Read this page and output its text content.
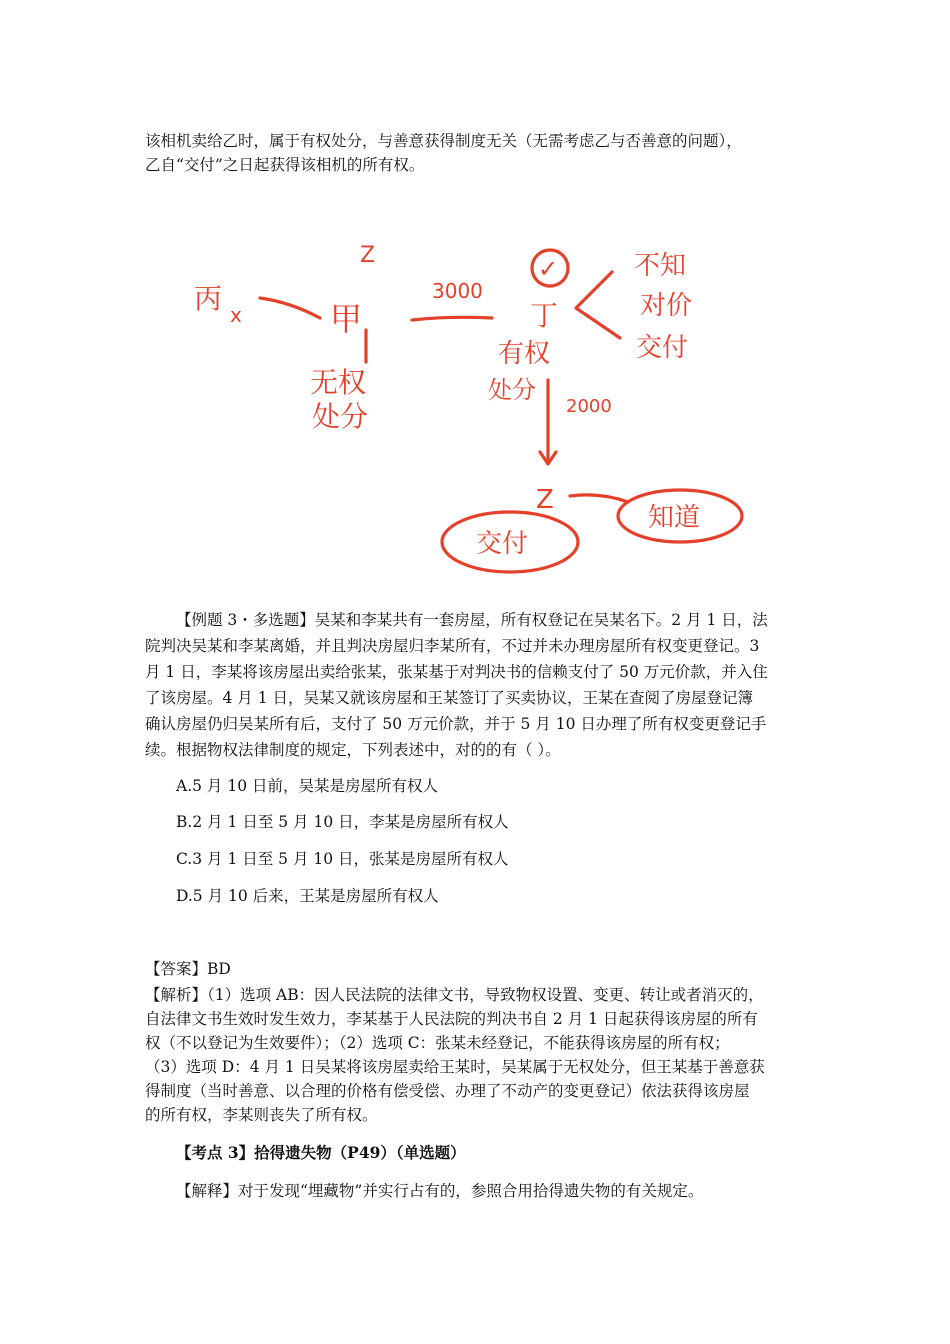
该相机卖给乙时，属于有权处分，与善意获得制度无关（无需考虑乙与否善意的问题），

乙自“交付”之日起获得该相机的所有权。

Z
丙 x	甲
3000
✓
丁
不知
对价
交付
无权
处分
有权
处分
2000
Z
交付
知道

【例题 3・多选题】吴某和李某共有一套房屋，所有权登记在吴某名下。2 月 1 日，法

院判决吴某和李某离婚，并且判决房屋归李某所有，不过并未办理房屋所有权变更登记。3

月 1 日，李某将该房屋出卖给张某，张某基于对判决书的信赖支付了 50 万元价款，并入住

了该房屋。4 月 1 日，吴某又就该房屋和王某签订了买卖协议，王某在查阅了房屋登记簿

确认房屋仍归吴某所有后，支付了 50 万元价款，并于 5 月 10 日办理了所有权变更登记手

续。根据物权法律制度的规定，下列表述中，对的的有（ ）。

A.5 月 10 日前，吴某是房屋所有权人

B.2 月 1 日至 5 月 10 日，李某是房屋所有权人

C.3 月 1 日至 5 月 10 日，张某是房屋所有权人

D.5 月 10 后来，王某是房屋所有权人

【答案】BD

【解析】（1）选项 AB：因人民法院的法律文书，导致物权设置、变更、转让或者消灭的，

自法律文书生效时发生效力，李某基于人民法院的判决书自 2 月 1 日起获得该房屋的所有

权（不以登记为生效要件）；（2）选项 C：张某未经登记，不能获得该房屋的所有权；

（3）选项 D：4 月 1 日吴某将该房屋卖给王某时，吴某属于无权处分，但王某基于善意获

得制度（当时善意、以合理的价格有偿受偿、办理了不动产的变更登记）依法获得该房屋

的所有权，李某则丧失了所有权。

【考点 3】拾得遗失物（P49）（单选题）

【解释】对于发现“埋藏物”并实行占有的，参照合用拾得遗失物的有关规定。
